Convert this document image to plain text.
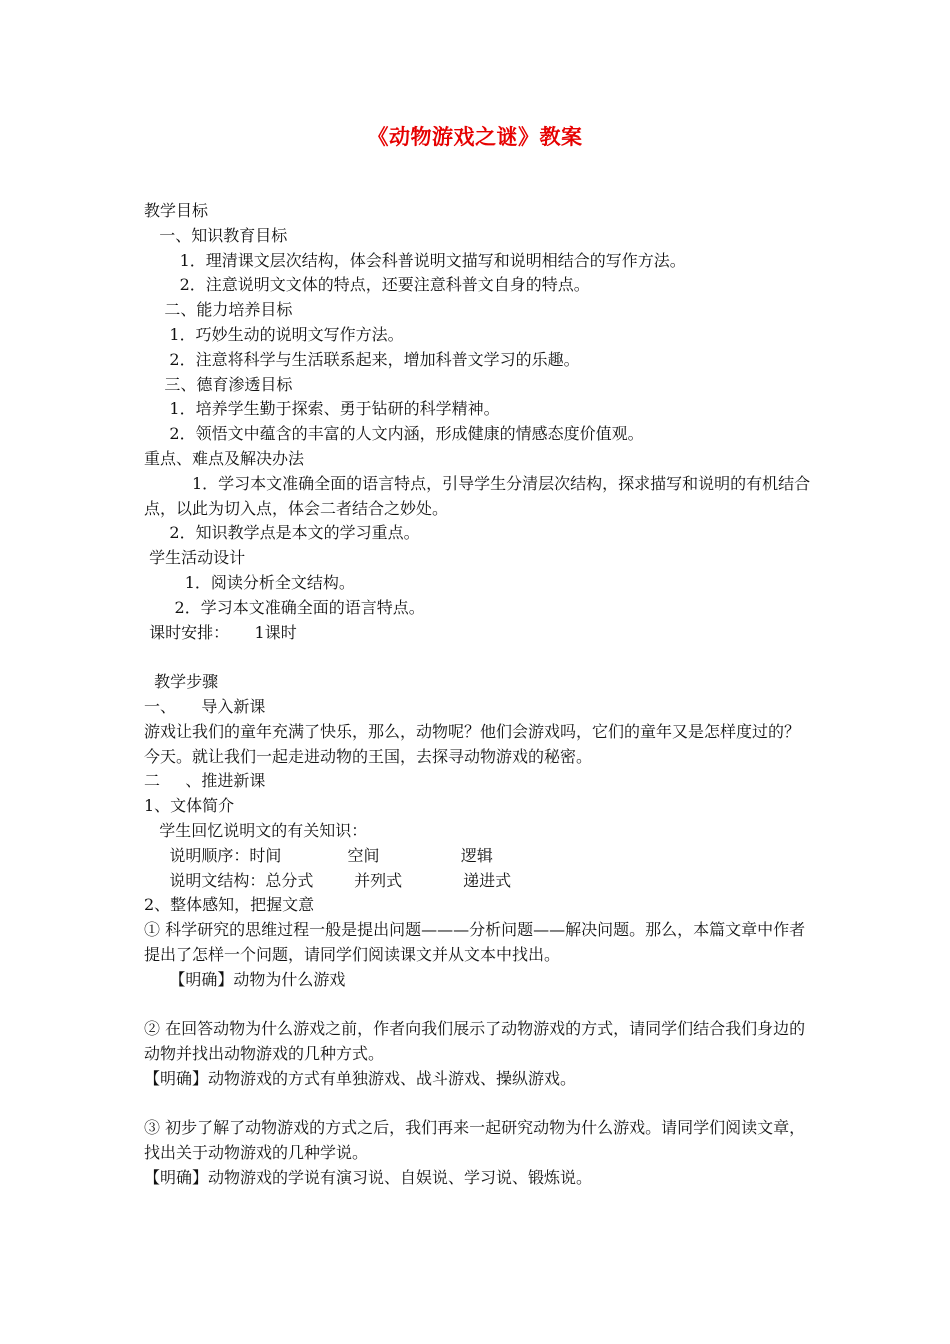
《动物游戏之谜》教案
教学目标
一、知识教育目标
1．理清课文层次结构，体会科普说明文描写和说明相结合的写作方法。
2．注意说明文文体的特点，还要注意科普文自身的特点。
二、能力培养目标
1．巧妙生动的说明文写作方法。
2．注意将科学与生活联系起来，增加科普文学习的乐趣。
三、德育渗透目标
1．培养学生勤于探索、勇于钻研的科学精神。
2．领悟文中蕴含的丰富的人文内涵，形成健康的情感态度价值观。
重点、难点及解决办法
1．学习本文准确全面的语言特点，引导学生分清层次结构，探求描写和说明的有机结合点，以此为切入点，体会二者结合之妙处。
2．知识教学点是本文的学习重点。
学生活动设计
1．阅读分析全文结构。
2．学习本文准确全面的语言特点。
课时安排：     1课时
教学步骤
一、     导入新课
游戏让我们的童年充满了快乐，那么，动物呢？他们会游戏吗，它们的童年又是怎样度过的？今天。就让我们一起走进动物的王国，去探寻动物游戏的秘密。
二     、推进新课
1、文体简介
学生回忆说明文的有关知识：
说明顺序：时间             空间                逻辑
说明文结构：总分式        并列式            递进式
2、整体感知，把握文意
① 科学研究的思维过程一般是提出问题———分析问题——解决问题。那么，本篇文章中作者提出了怎样一个问题，请同学们阅读课文并从文本中找出。
【明确】动物为什么游戏
② 在回答动物为什么游戏之前，作者向我们展示了动物游戏的方式，请同学们结合我们身边的动物并找出动物游戏的几种方式。
【明确】动物游戏的方式有单独游戏、战斗游戏、操纵游戏。
③ 初步了解了动物游戏的方式之后，我们再来一起研究动物为什么游戏。请同学们阅读文章，找出关于动物游戏的几种学说。
【明确】动物游戏的学说有演习说、自娱说、学习说、锻炼说。
